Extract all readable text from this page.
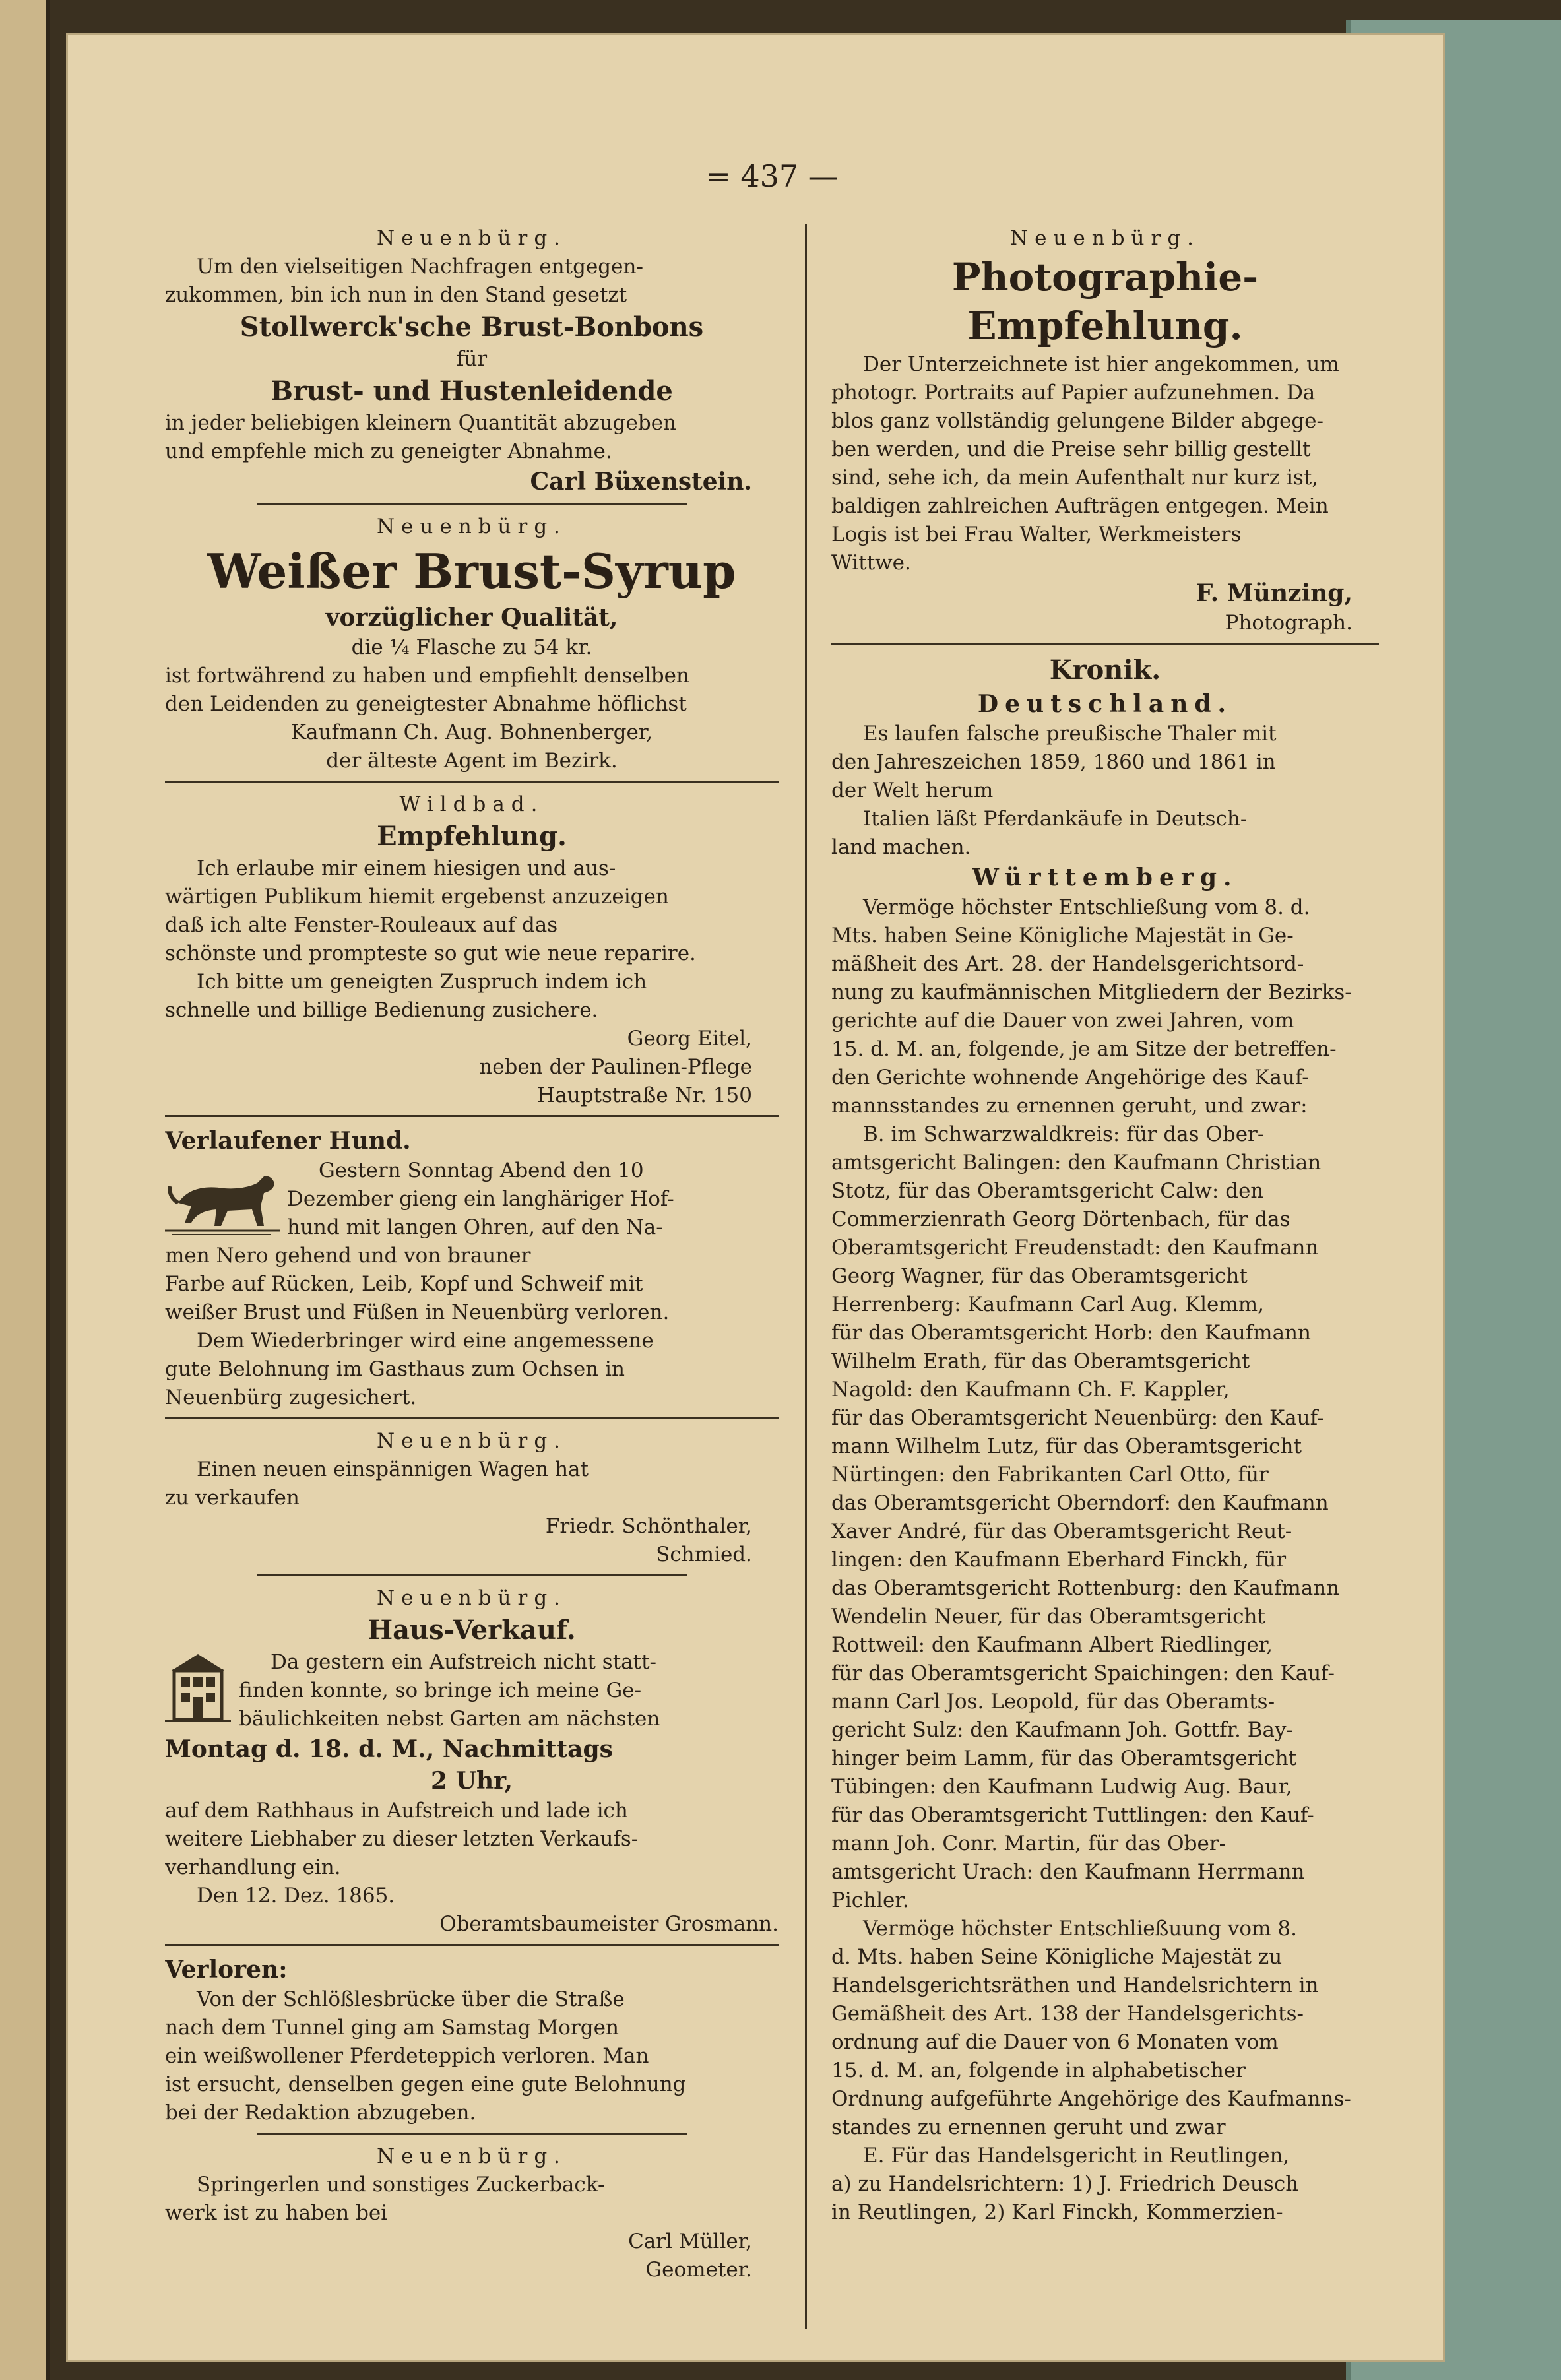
= 437 —

Neuenbürg.

Um den vielseitigen Nachfragen entgegen-

zukommen, bin ich nun in den Stand gesetzt

Stollwerck'sche Brust-Bonbons

für

Brust- und Hustenleidende

in jeder beliebigen kleinern Quantität abzugeben

und empfehle mich zu geneigter Abnahme.

Carl Büxenstein.

Neuenbürg.

Weißer Brust-Syrup

vorzüglicher Qualität,

die ¼ Flasche zu 54 kr.

ist fortwährend zu haben und empfiehlt denselben

den Leidenden zu geneigtester Abnahme höflichst

Kaufmann Ch. Aug. Bohnenberger,

der älteste Agent im Bezirk.

Wildbad.

Empfehlung.

Ich erlaube mir einem hiesigen und aus-

wärtigen Publikum hiemit ergebenst anzuzeigen

daß ich alte Fenster-Rouleaux auf das

schönste und prompteste so gut wie neue reparire.

Ich bitte um geneigten Zuspruch indem ich

schnelle und billige Bedienung zusichere.

Georg Eitel,

neben der Paulinen-Pflege

Hauptstraße Nr. 150

Verlaufener Hund.

Gestern Sonntag Abend den 10

Dezember gieng ein langhäriger Hof-

hund mit langen Ohren, auf den Na-

men Nero gehend und von brauner

Farbe auf Rücken, Leib, Kopf und Schweif mit

weißer Brust und Füßen in Neuenbürg verloren.

Dem Wiederbringer wird eine angemessene

gute Belohnung im Gasthaus zum Ochsen in

Neuenbürg zugesichert.

Neuenbürg.

Einen neuen einspännigen Wagen hat

zu verkaufen

Friedr. Schönthaler,

Schmied.

Neuenbürg.

Haus-Verkauf.

Da gestern ein Aufstreich nicht statt-

finden konnte, so bringe ich meine Ge-

bäulichkeiten nebst Garten am nächsten

Montag d. 18. d. M., Nachmittags

2 Uhr,

auf dem Rathhaus in Aufstreich und lade ich

weitere Liebhaber zu dieser letzten Verkaufs-

verhandlung ein.

Den 12. Dez. 1865.

Oberamtsbaumeister Grosmann.

Verloren:

Von der Schlößlesbrücke über die Straße

nach dem Tunnel ging am Samstag Morgen

ein weißwollener Pferdeteppich verloren. Man

ist ersucht, denselben gegen eine gute Belohnung

bei der Redaktion abzugeben.

Neuenbürg.

Springerlen und sonstiges Zuckerback-

werk ist zu haben bei

Carl Müller,

Geometer.

Neuenbürg.

Photographie-Empfehlung.

Der Unterzeichnete ist hier angekommen, um

photogr. Portraits auf Papier aufzunehmen. Da

blos ganz vollständig gelungene Bilder abgege-

ben werden, und die Preise sehr billig gestellt

sind, sehe ich, da mein Aufenthalt nur kurz ist,

baldigen zahlreichen Aufträgen entgegen. Mein

Logis ist bei Frau Walter, Werkmeisters

Wittwe.

F. Münzing,

Photograph.

Kronik.

Deutschland.

Es laufen falsche preußische Thaler mit

den Jahreszeichen 1859, 1860 und 1861 in

der Welt herum

Italien läßt Pferdankäufe in Deutsch-

land machen.

Württemberg.

Vermöge höchster Entschließung vom 8. d.

Mts. haben Seine Königliche Majestät in Ge-

mäßheit des Art. 28. der Handelsgerichtsord-

nung zu kaufmännischen Mitgliedern der Bezirks-

gerichte auf die Dauer von zwei Jahren, vom

15. d. M. an, folgende, je am Sitze der betreffen-

den Gerichte wohnende Angehörige des Kauf-

mannsstandes zu ernennen geruht, und zwar:

B. im Schwarzwaldkreis: für das Ober-

amtsgericht Balingen: den Kaufmann Christian

Stotz, für das Oberamtsgericht Calw: den

Commerzienrath Georg Dörtenbach, für das

Oberamtsgericht Freudenstadt: den Kaufmann

Georg Wagner, für das Oberamtsgericht

Herrenberg: Kaufmann Carl Aug. Klemm,

für das Oberamtsgericht Horb: den Kaufmann

Wilhelm Erath, für das Oberamtsgericht

Nagold: den Kaufmann Ch. F. Kappler,

für das Oberamtsgericht Neuenbürg: den Kauf-

mann Wilhelm Lutz, für das Oberamtsgericht

Nürtingen: den Fabrikanten Carl Otto, für

das Oberamtsgericht Oberndorf: den Kaufmann

Xaver André, für das Oberamtsgericht Reut-

lingen: den Kaufmann Eberhard Finckh, für

das Oberamtsgericht Rottenburg: den Kaufmann

Wendelin Neuer, für das Oberamtsgericht

Rottweil: den Kaufmann Albert Riedlinger,

für das Oberamtsgericht Spaichingen: den Kauf-

mann Carl Jos. Leopold, für das Oberamts-

gericht Sulz: den Kaufmann Joh. Gottfr. Bay-

hinger beim Lamm, für das Oberamtsgericht

Tübingen: den Kaufmann Ludwig Aug. Baur,

für das Oberamtsgericht Tuttlingen: den Kauf-

mann Joh. Conr. Martin, für das Ober-

amtsgericht Urach: den Kaufmann Herrmann

Pichler.

Vermöge höchster Entschließuung vom 8.

d. Mts. haben Seine Königliche Majestät zu

Handelsgerichtsräthen und Handelsrichtern in

Gemäßheit des Art. 138 der Handelsgerichts-

ordnung auf die Dauer von 6 Monaten vom

15. d. M. an, folgende in alphabetischer

Ordnung aufgeführte Angehörige des Kaufmanns-

standes zu ernennen geruht und zwar

E. Für das Handelsgericht in Reutlingen,

a) zu Handelsrichtern: 1) J. Friedrich Deusch

in Reutlingen, 2) Karl Finckh, Kommerzien-
